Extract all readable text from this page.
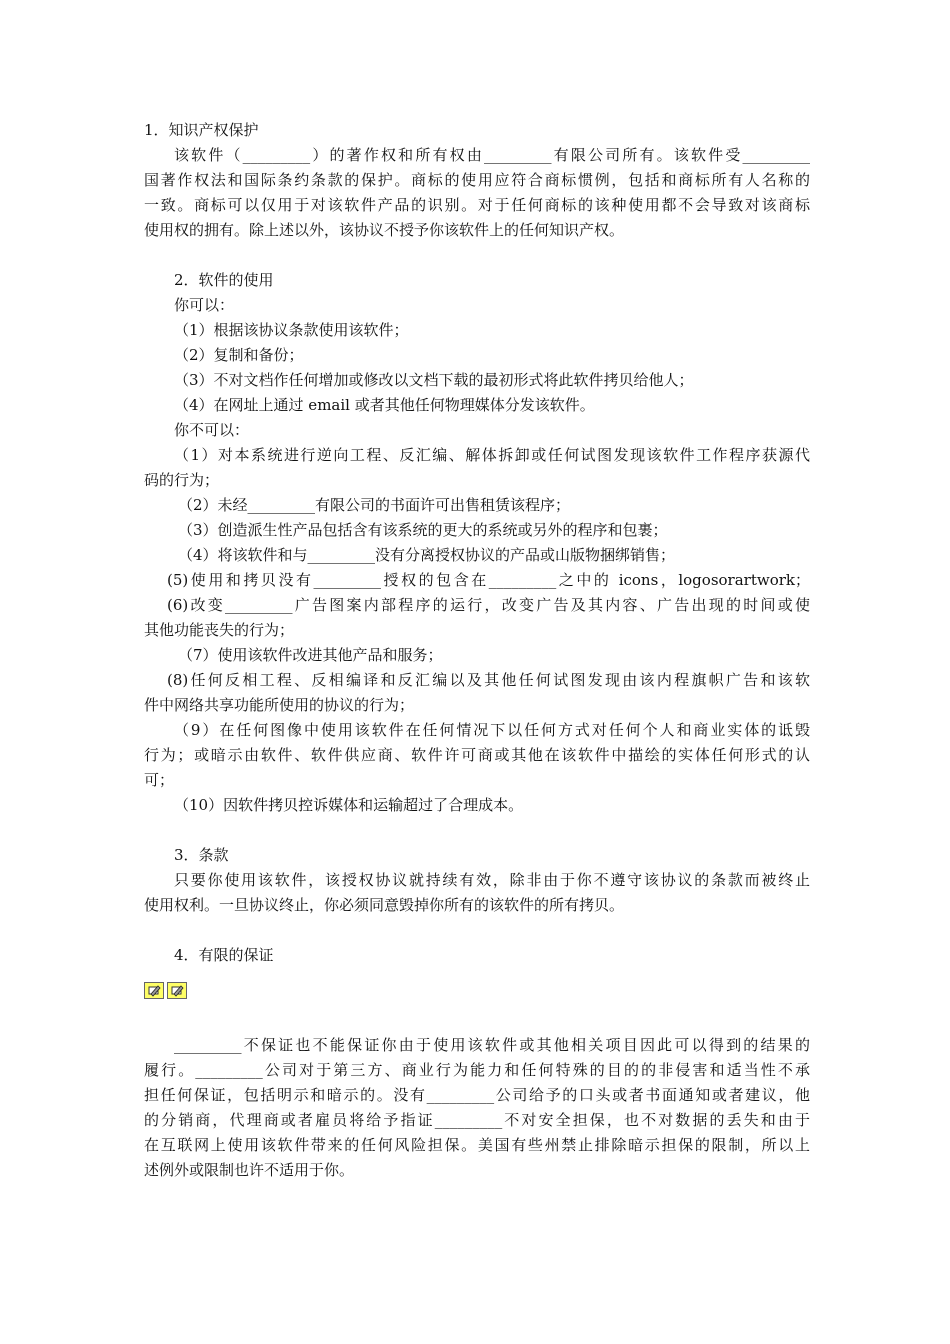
1．知识产权保护
该软件（_________）的著作权和所有权由_________有限公司所有。该软件受_________
国著作权法和国际条约条款的保护。商标的使用应符合商标惯例，包括和商标所有人名称的
一致。商标可以仅用于对该软件产品的识别。对于任何商标的该种使用都不会导致对该商标
使用权的拥有。除上述以外，该协议不授予你该软件上的任何知识产权。
2．软件的使用
你可以：
（1）根据该协议条款使用该软件；
（2）复制和备份；
（3）不对文档作任何增加或修改以文档下载的最初形式将此软件拷贝给他人；
（4）在网址上通过 email 或者其他任何物理媒体分发该软件。
你不可以：
（1）对本系统进行逆向工程、反汇编、解体拆卸或任何试图发现该软件工作程序获源代
码的行为；
（2）未经_________有限公司的书面许可出售租赁该程序；
（3）创造派生性产品包括含有该系统的更大的系统或另外的程序和包裹；
（4）将该软件和与_________没有分离授权协议的产品或山版物捆绑销售；
(5)使用和拷贝没有_________授权的包含在_________之中的 icons，logosorartwork；
(6)改变_________广告图案内部程序的运行，改变广告及其内容、广告出现的时间或使
其他功能丧失的行为；
（7）使用该软件改进其他产品和服务；
(8)任何反相工程、反相编译和反汇编以及其他任何试图发现由该内程旗帜广告和该软
件中网络共享功能所使用的协议的行为；
（9）在任何图像中使用该软件在任何情况下以任何方式对任何个人和商业实体的诋毁
行为；或暗示由软件、软件供应商、软件许可商或其他在该软件中描绘的实体任何形式的认
可；
（10）因软件拷贝控诉媒体和运输超过了合理成本。
3．条款
只要你使用该软件，该授权协议就持续有效，除非由于你不遵守该协议的条款而被终止
使用权利。一旦协议终止，你必须同意毁掉你所有的该软件的所有拷贝。
4．有限的保证
_________不保证也不能保证你由于使用该软件或其他相关项目因此可以得到的结果的
履行。_________公司对于第三方、商业行为能力和任何特殊的目的的非侵害和适当性不承
担任何保证，包括明示和暗示的。没有_________公司给予的口头或者书面通知或者建议，他
的分销商，代理商或者雇员将给予指证_________不对安全担保，也不对数据的丢失和由于
在互联网上使用该软件带来的任何风险担保。美国有些州禁止排除暗示担保的限制，所以上
述例外或限制也许不适用于你。
